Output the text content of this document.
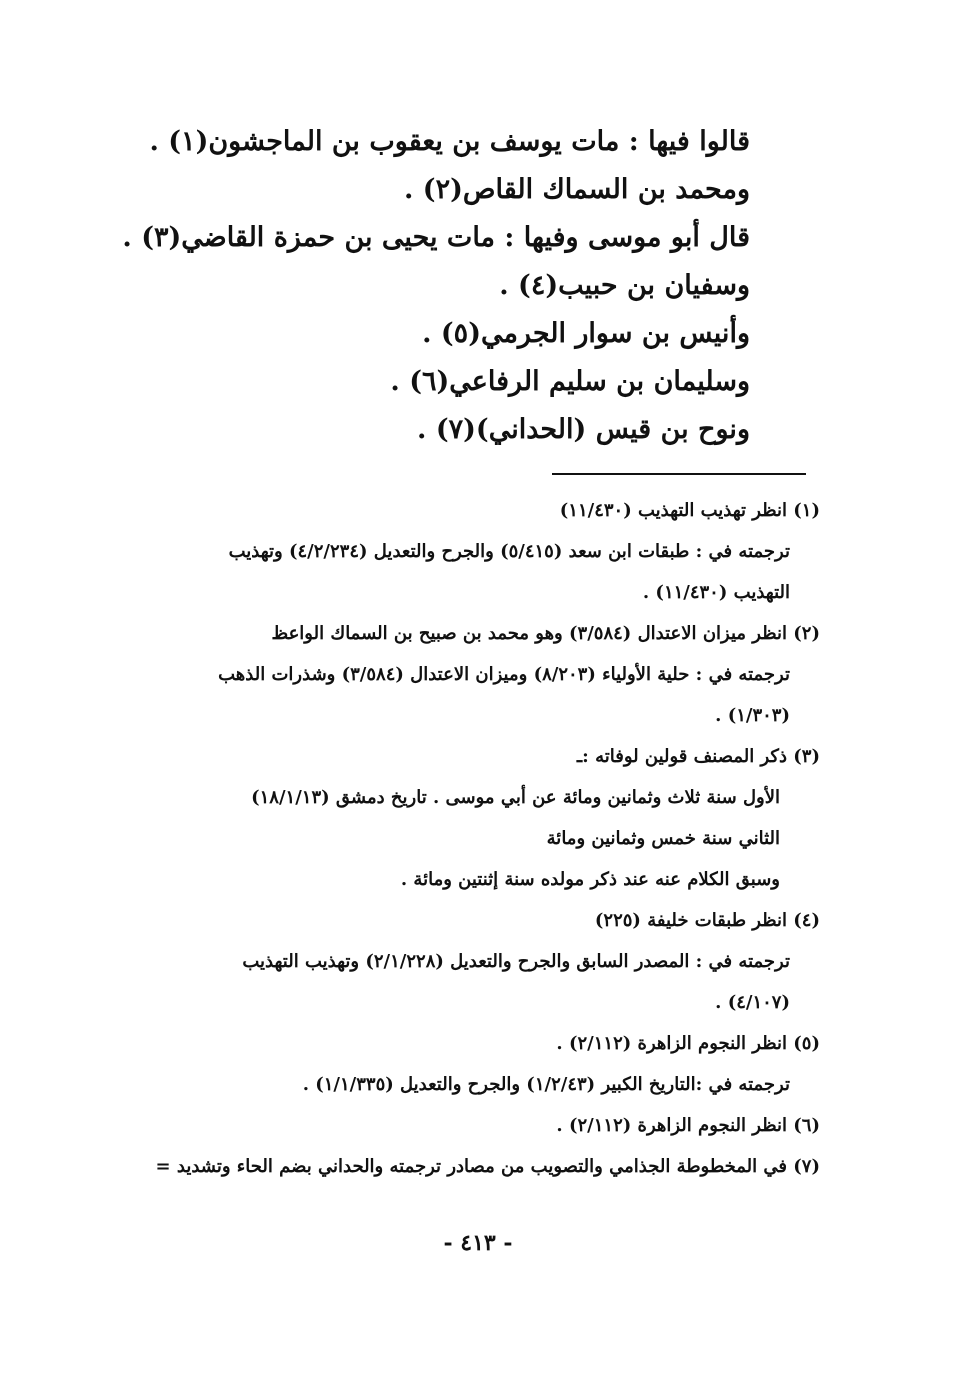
قالوا فيها : مات يوسف بن يعقوب بن الماجشون(١) .
ومحمد بن السماك القاص(٢) .
قال أبو موسى وفيها : مات يحيى بن حمزة القاضي(٣) .
وسفيان بن حبيب(٤) .
وأنيس بن سوار الجرمي(٥) .
وسليمان بن سليم الرفاعي(٦) .
ونوح بن قيس (الحداني)(٧) .
(١) انظر تهذيب التهذيب (١١/٤٣٠)
ترجمته في : طبقات ابن سعد (٥/٤١٥) والجرح والتعديل (٤/٢/٢٣٤) وتهذيب
التهذيب (١١/٤٣٠) .
(٢) انظر ميزان الاعتدال (٣/٥٨٤) وهو محمد بن صبيح بن السماك الواعظ
ترجمته في : حلية الأولياء (٨/٢٠٣) وميزان الاعتدال (٣/٥٨٤) وشذرات الذهب
(١/٣٠٣) .
(٣) ذكر المصنف قولين لوفاته :ـ
الأول سنة ثلاث وثمانين ومائة عن أبي موسى . تاريخ دمشق (١٨/١/١٣)
الثاني سنة خمس وثمانين ومائة
وسبق الكلام عنه عند ذكر مولده سنة إثنتين ومائة .
(٤) انظر طبقات خليفة (٢٢٥)
ترجمته في : المصدر السابق والجرح والتعديل (٢/١/٢٢٨) وتهذيب التهذيب
(٤/١٠٧) .
(٥) انظر النجوم الزاهرة (٢/١١٢) .
ترجمته في :التاريخ الكبير (١/٢/٤٣) والجرح والتعديل (١/١/٣٣٥) .
(٦) انظر النجوم الزاهرة (٢/١١٢) .
(٧) في المخطوطة الجذامي والتصويب من مصادر ترجمته والحداني بضم الحاء وتشديد =
- ٤١٣ -
